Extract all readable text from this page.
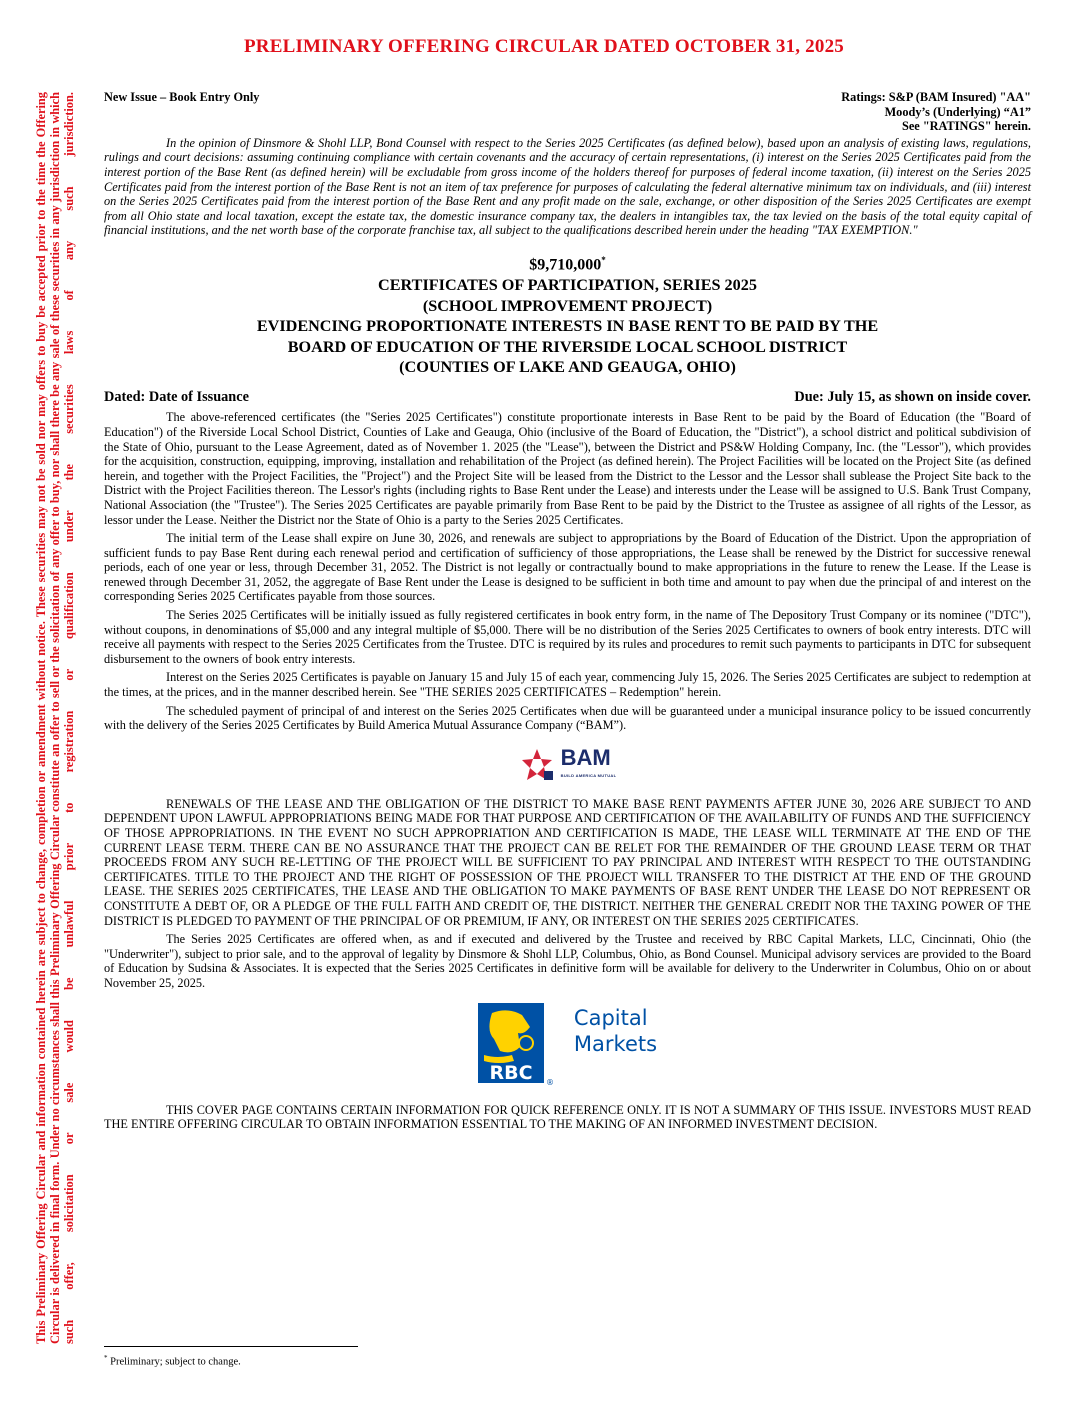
PRELIMINARY OFFERING CIRCULAR DATED OCTOBER 31, 2025
This Preliminary Offering Circular and information contained herein are subject to change, completion or amendment without notice. These securities may not be sold nor may offers to buy be accepted prior to the time the Offering Circular is delivered in final form. Under no circumstances shall this Preliminary Offering Circular constitute an offer to sell or the solicitation of any offer to buy, nor shall there be any sale of these securities in any jurisdiction in which such offer, solicitation or sale would be unlawful prior to registration or qualification under the securities laws of any such jurisdiction.	New Issue – Book Entry Only	Ratings: S&P (BAM Insured) "AA"
Moody’s (Underlying) “A1”
See "RATINGS" herein.
In the opinion of Dinsmore & Shohl LLP, Bond Counsel with respect to the Series 2025 Certificates (as defined below), based upon an analysis of existing laws, regulations, rulings and court decisions: assuming continuing compliance with certain covenants and the accuracy of certain representations, (i) interest on the Series 2025 Certificates paid from the interest portion of the Base Rent (as defined herein) will be excludable from gross income of the holders thereof for purposes of federal income taxation, (ii) interest on the Series 2025 Certificates paid from the interest portion of the Base Rent is not an item of tax preference for purposes of calculating the federal alternative minimum tax on individuals, and (iii) interest on the Series 2025 Certificates paid from the interest portion of the Base Rent and any profit made on the sale, exchange, or other disposition of the Series 2025 Certificates are exempt from all Ohio state and local taxation, except the estate tax, the domestic insurance company tax, the dealers in intangibles tax, the tax levied on the basis of the total equity capital of financial institutions, and the net worth base of the corporate franchise tax, all subject to the qualifications described herein under the heading "TAX EXEMPTION."
$9,710,000*
CERTIFICATES OF PARTICIPATION, SERIES 2025
(SCHOOL IMPROVEMENT PROJECT)
EVIDENCING PROPORTIONATE INTERESTS IN BASE RENT TO BE PAID BY THE
BOARD OF EDUCATION OF THE RIVERSIDE LOCAL SCHOOL DISTRICT
(COUNTIES OF LAKE AND GEAUGA, OHIO)
Dated: Date of Issuance	Due: July 15, as shown on inside cover.

The above-referenced certificates (the "Series 2025 Certificates") constitute proportionate interests in Base Rent to be paid by the Board of Education (the "Board of Education") of the Riverside Local School District, Counties of Lake and Geauga, Ohio (inclusive of the Board of Education, the "District"), a school district and political subdivision of the State of Ohio, pursuant to the Lease Agreement, dated as of November 1. 2025 (the "Lease"), between the District and PS&W Holding Company, Inc. (the "Lessor"), which provides for the acquisition, construction, equipping, improving, installation and rehabilitation of the Project (as defined herein). The Project Facilities will be located on the Project Site (as defined herein, and together with the Project Facilities, the "Project") and the Project Site will be leased from the District to the Lessor and the Lessor shall sublease the Project Site back to the District with the Project Facilities thereon. The Lessor's rights (including rights to Base Rent under the Lease) and interests under the Lease will be assigned to U.S. Bank Trust Company, National Association (the "Trustee"). The Series 2025 Certificates are payable primarily from Base Rent to be paid by the District to the Trustee as assignee of all rights of the Lessor, as lessor under the Lease. Neither the District nor the State of Ohio is a party to the Series 2025 Certificates.

The initial term of the Lease shall expire on June 30, 2026, and renewals are subject to appropriations by the Board of Education of the District. Upon the appropriation of sufficient funds to pay Base Rent during each renewal period and certification of sufficiency of those appropriations, the Lease shall be renewed by the District for successive renewal periods, each of one year or less, through December 31, 2052. The District is not legally or contractually bound to make appropriations in the future to renew the Lease. If the Lease is renewed through December 31, 2052, the aggregate of Base Rent under the Lease is designed to be sufficient in both time and amount to pay when due the principal of and interest on the corresponding Series 2025 Certificates payable from those sources.

The Series 2025 Certificates will be initially issued as fully registered certificates in book entry form, in the name of The Depository Trust Company or its nominee ("DTC"), without coupons, in denominations of $5,000 and any integral multiple of $5,000. There will be no distribution of the Series 2025 Certificates to owners of book entry interests. DTC will receive all payments with respect to the Series 2025 Certificates from the Trustee. DTC is required by its rules and procedures to remit such payments to participants in DTC for subsequent disbursement to the owners of book entry interests.

Interest on the Series 2025 Certificates is payable on January 15 and July 15 of each year, commencing July 15, 2026. The Series 2025 Certificates are subject to redemption at the times, at the prices, and in the manner described herein. See "THE SERIES 2025 CERTIFICATES – Redemption" herein.

The scheduled payment of principal of and interest on the Series 2025 Certificates when due will be guaranteed under a municipal insurance policy to be issued concurrently with the delivery of the Series 2025 Certificates by Build America Mutual Assurance Company (“BAM”).

BAM
BUILD AMERICA MUTUAL

RENEWALS OF THE LEASE AND THE OBLIGATION OF THE DISTRICT TO MAKE BASE RENT PAYMENTS AFTER JUNE 30, 2026 ARE SUBJECT TO AND DEPENDENT UPON LAWFUL APPROPRIATIONS BEING MADE FOR THAT PURPOSE AND CERTIFICATION OF THE AVAILABILITY OF FUNDS AND THE SUFFICIENCY OF THOSE APPROPRIATIONS. IN THE EVENT NO SUCH APPROPRIATION AND CERTIFICATION IS MADE, THE LEASE WILL TERMINATE AT THE END OF THE CURRENT LEASE TERM. THERE CAN BE NO ASSURANCE THAT THE PROJECT CAN BE RELET FOR THE REMAINDER OF THE GROUND LEASE TERM OR THAT PROCEEDS FROM ANY SUCH RE-LETTING OF THE PROJECT WILL BE SUFFICIENT TO PAY PRINCIPAL AND INTEREST WITH RESPECT TO THE OUTSTANDING CERTIFICATES. TITLE TO THE PROJECT AND THE RIGHT OF POSSESSION OF THE PROJECT WILL TRANSFER TO THE DISTRICT AT THE END OF THE GROUND LEASE. THE SERIES 2025 CERTIFICATES, THE LEASE AND THE OBLIGATION TO MAKE PAYMENTS OF BASE RENT UNDER THE LEASE DO NOT REPRESENT OR CONSTITUTE A DEBT OF, OR A PLEDGE OF THE FULL FAITH AND CREDIT OF, THE DISTRICT. NEITHER THE GENERAL CREDIT NOR THE TAXING POWER OF THE DISTRICT IS PLEDGED TO PAYMENT OF THE PRINCIPAL OF OR PREMIUM, IF ANY, OR INTEREST ON THE SERIES 2025 CERTIFICATES.

The Series 2025 Certificates are offered when, as and if executed and delivered by the Trustee and received by RBC Capital Markets, LLC, Cincinnati, Ohio (the "Underwriter"), subject to prior sale, and to the approval of legality by Dinsmore & Shohl LLP, Columbus, Ohio, as Bond Counsel. Municipal advisory services are provided to the Board of Education by Sudsina & Associates. It is expected that the Series 2025 Certificates in definitive form will be available for delivery to the Underwriter in Columbus, Ohio on or about November 25, 2025.

RBC ®
Capital
Markets

THIS COVER PAGE CONTAINS CERTAIN INFORMATION FOR QUICK REFERENCE ONLY. IT IS NOT A SUMMARY OF THIS ISSUE. INVESTORS MUST READ THE ENTIRE OFFERING CIRCULAR TO OBTAIN INFORMATION ESSENTIAL TO THE MAKING OF AN INFORMED INVESTMENT DECISION.

* Preliminary; subject to change.
